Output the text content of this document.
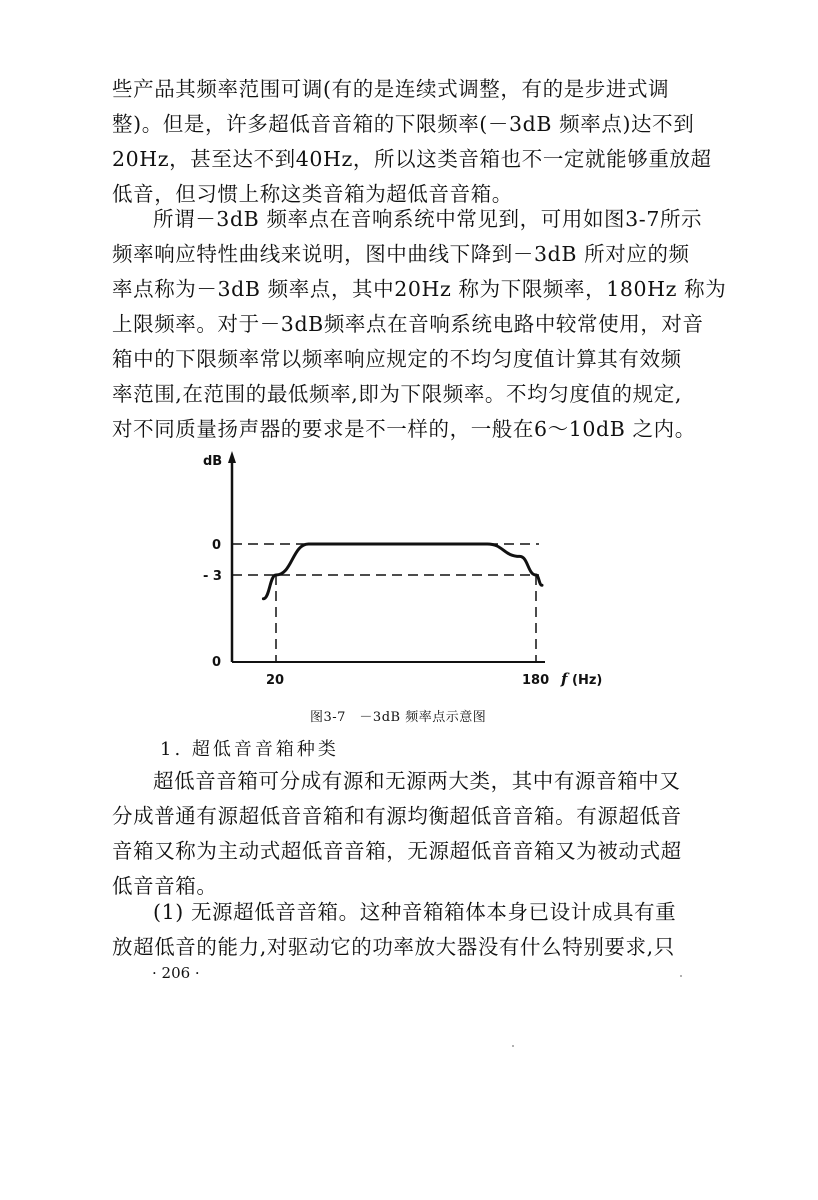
些产品其频率范围可调(有的是连续式调整，有的是步进式调
整)。但是，许多超低音音箱的下限频率(－3dB 频率点)达不到
20Hz，甚至达不到40Hz，所以这类音箱也不一定就能够重放超
低音，但习惯上称这类音箱为超低音音箱。

所谓－3dB 频率点在音响系统中常见到，可用如图3-7所示
频率响应特性曲线来说明，图中曲线下降到－3dB 所对应的频
率点称为－3dB 频率点，其中20Hz 称为下限频率，180Hz 称为
上限频率。对于－3dB频率点在音响系统电路中较常使用，对音
箱中的下限频率常以频率响应规定的不均匀度值计算其有效频
率范围,在范围的最低频率,即为下限频率。不均匀度值的规定,
对不同质量扬声器的要求是不一样的，一般在6～10dB 之内。

dB
0
- 3
0
20	180 f (Hz)
图3-7　－3dB 频率点示意图
1. 超低音音箱种类

超低音音箱可分成有源和无源两大类，其中有源音箱中又
分成普通有源超低音音箱和有源均衡超低音音箱。有源超低音
音箱又称为主动式超低音音箱，无源超低音音箱又为被动式超
低音音箱。

(1) 无源超低音音箱。这种音箱箱体本身已设计成具有重
放超低音的能力,对驱动它的功率放大器没有什么特别要求,只

· 206 ·
